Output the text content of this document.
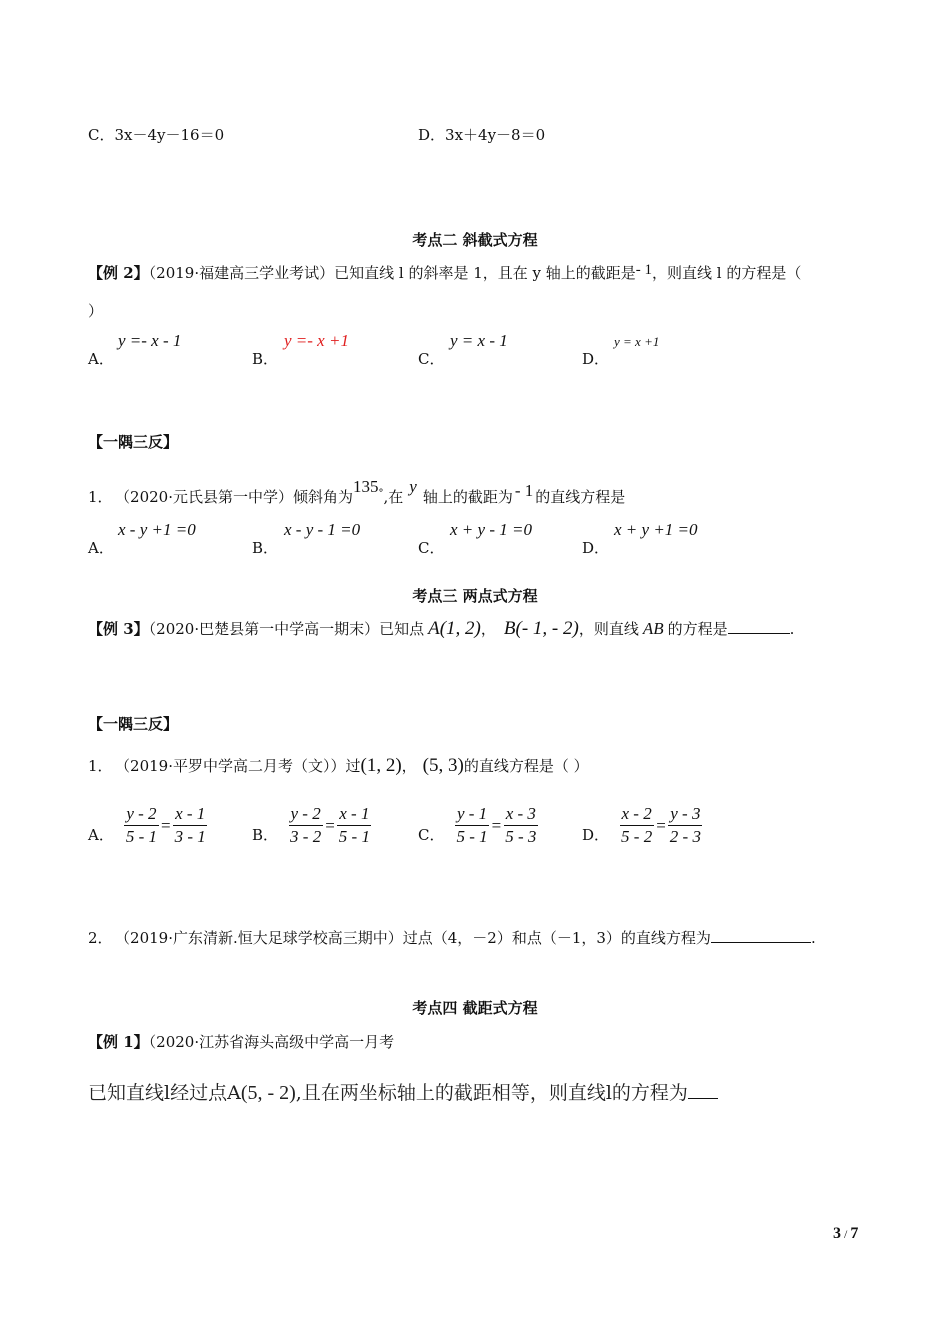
C．3x－4y－16＝0	D．3x＋4y－8＝0
考点二 斜截式方程
【例 2】（2019·福建高三学业考试）已知直线 l 的斜率是 1，且在 y 轴上的截距是- 1，则直线 l 的方程是（
）
A．
y =- x - 1
B．
y =- x +1
C．
y = x - 1
D．
y = x +1
【一隅三反】
1． （2020·元氏县第一中学）倾斜角为135°,在y轴上的截距为 - 1 的直线方程是
A．
x - y +1 =0
B．
x - y - 1 =0
C．
x + y - 1 =0
D．
x + y +1 =0
考点三 两点式方程
【例 3】（2020·巴楚县第一中学高一期末）已知点 A(1, 2)， B(- 1, - 2)，则直线 AB 的方程是	.
【一隅三反】
1． （2019·平罗中学高二月考（文））过(1, 2)， (5, 3)的直线方程是（ ）
A． $\frac{y - 2}{5 - 1} = \frac{x - 1}{3 - 1}$	B． $\frac{y - 2}{3 - 2} = \frac{x - 1}{5 - 1}$	C． $\frac{y - 1}{5 - 1} = \frac{x - 3}{5 - 3}$	D． $\frac{x - 2}{5 - 2} = \frac{y - 3}{2 - 3}$
2． （2019·广东清新.恒大足球学校高三期中）过点（4，－2）和点（－1，3）的直线方程为	.
考点四 截距式方程
【例 1】（2020·江苏省海头高级中学高一月考
已知直线l经过点A(5, - 2),且在两坐标轴上的截距相等，则直线l的方程为
3 / 7
